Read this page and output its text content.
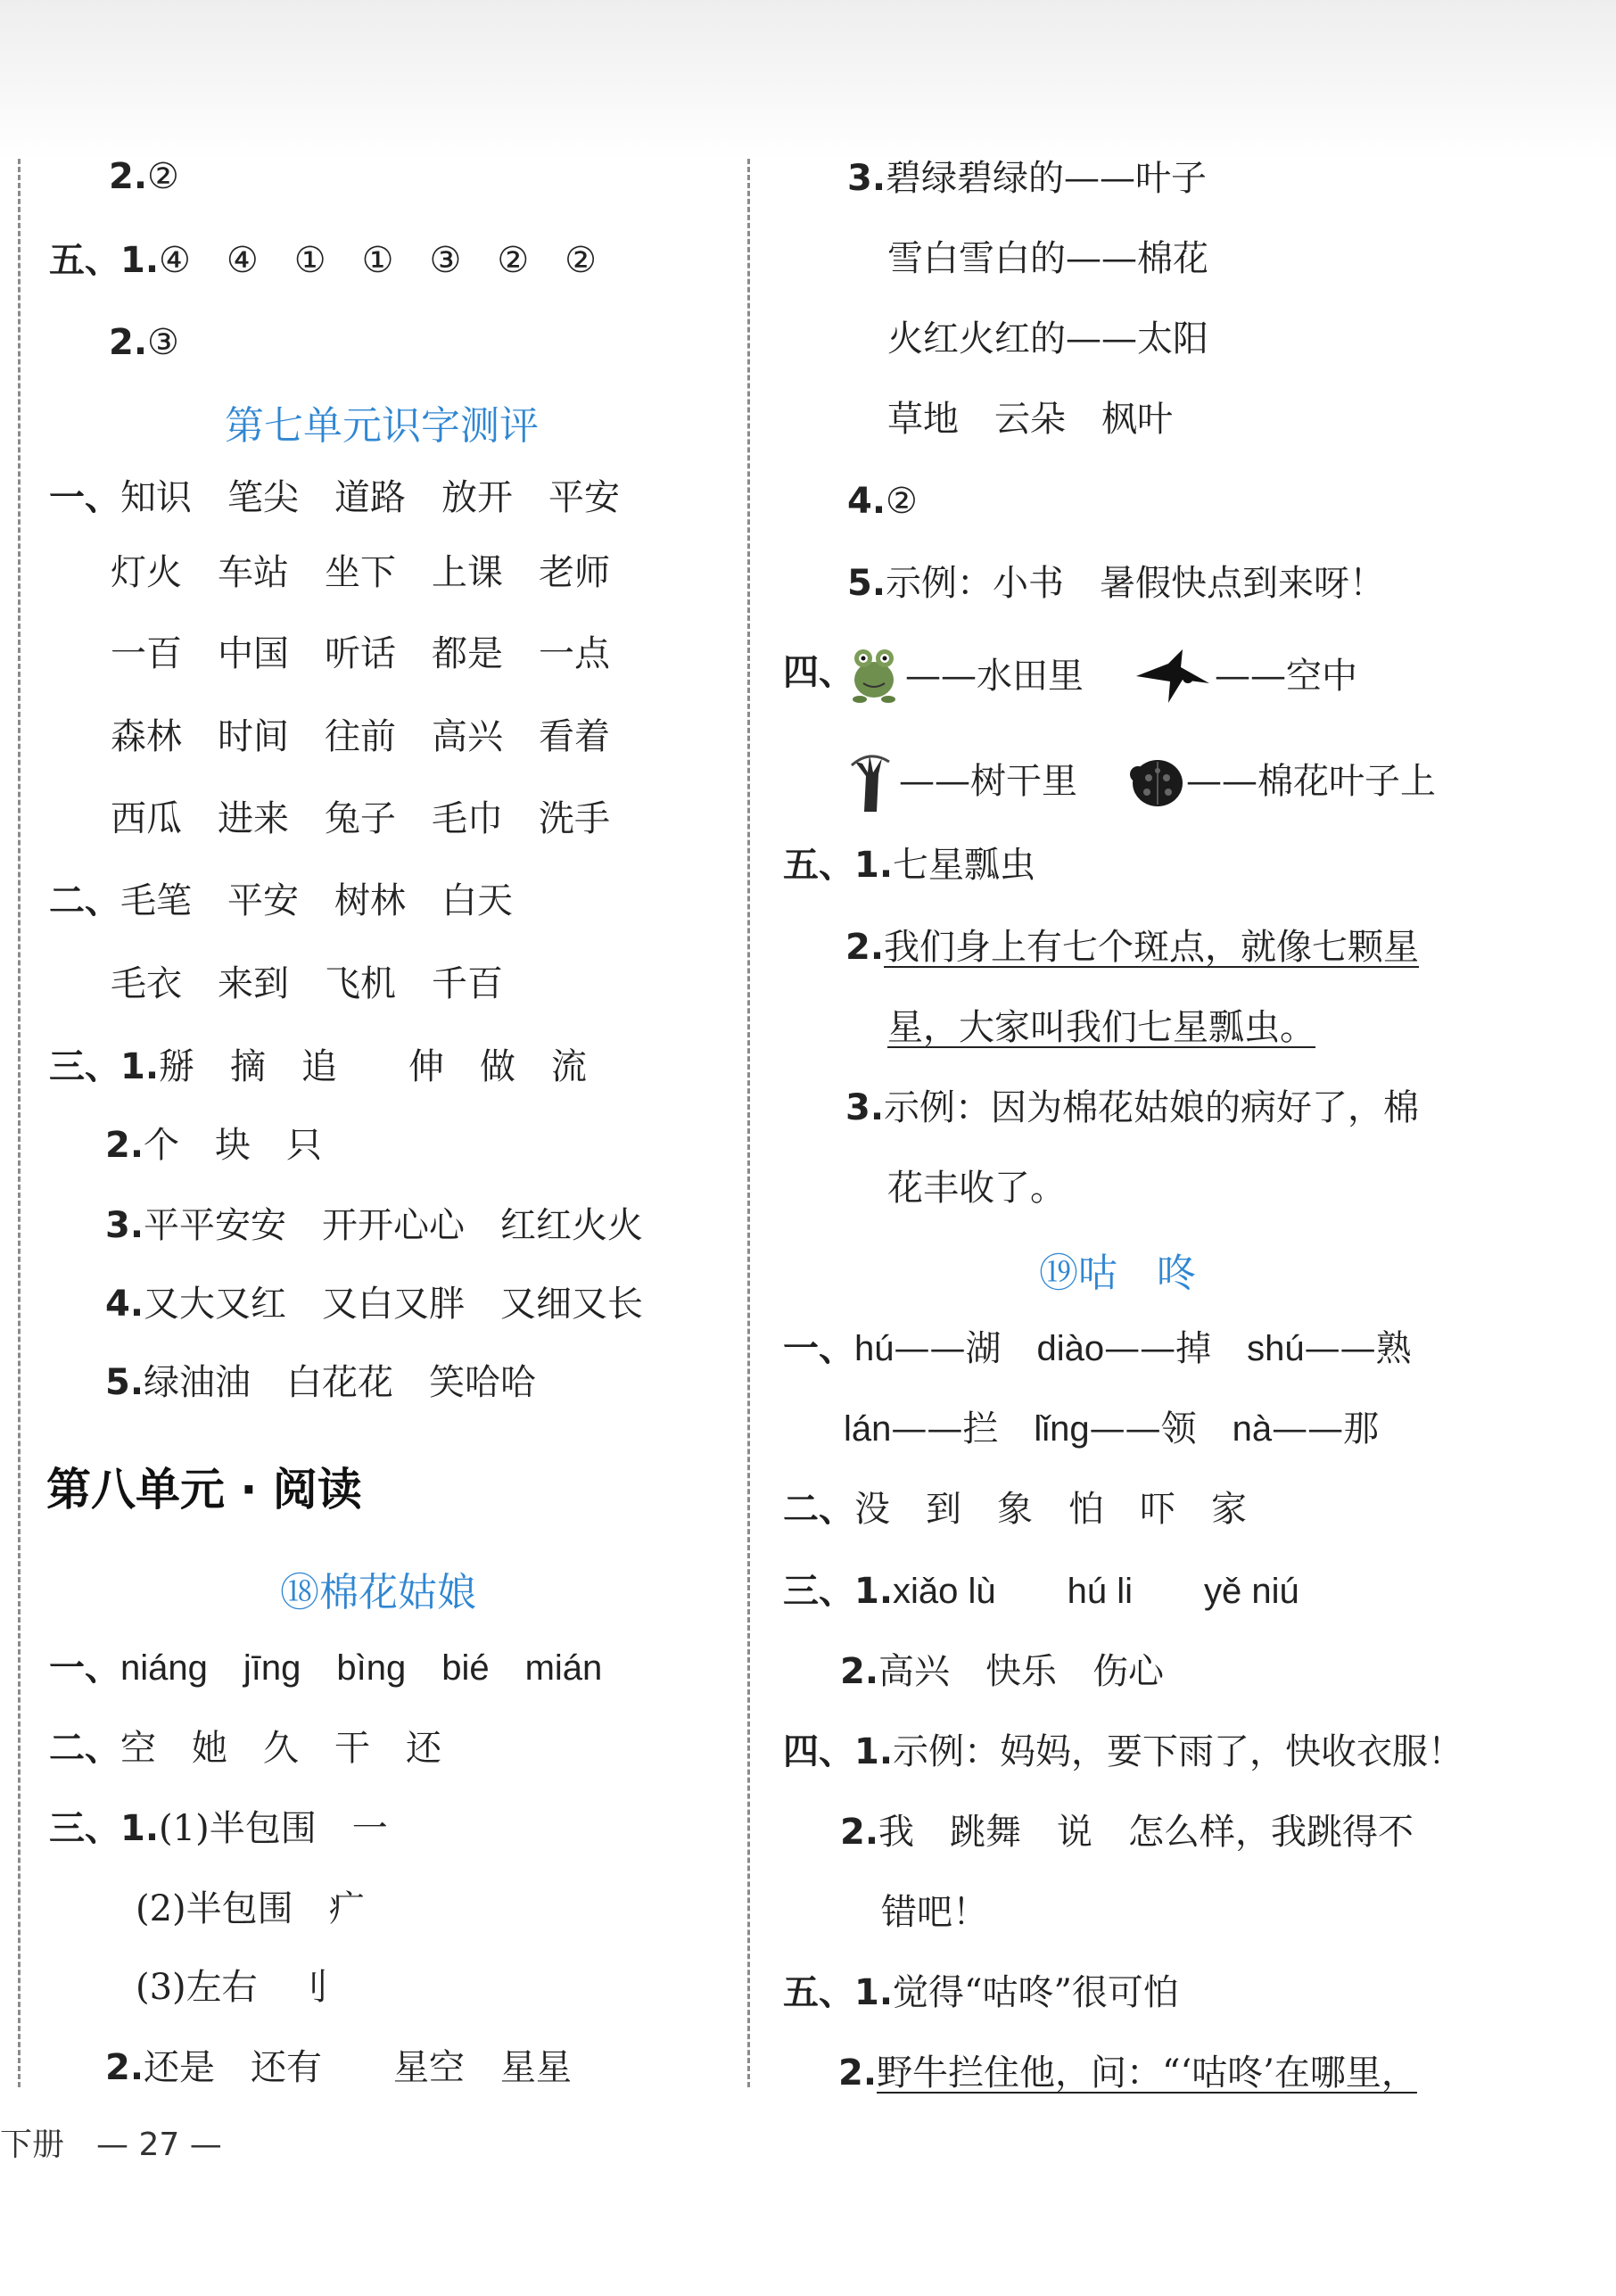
2.②
五、1.④　④　①　①　③　②　②
2.③
第七单元识字测评
一、知识　笔尖　道路　放开　平安
灯火　车站　坐下　上课　老师
一百　中国　听话　都是　一点
森林　时间　往前　高兴　看着
西瓜　进来　兔子　毛巾　洗手
二、毛笔　平安　树林　白天
毛衣　来到　飞机　千百
三、1.掰　摘　追　　伸　做　流
2.个　块　只
3.平平安安　开开心心　红红火火
4.又大又红　又白又胖　又细又长
5.绿油油　白花花　笑哈哈
第八单元 · 阅读
⑱棉花姑娘
一、niáng　jīng　bìng　bié　mián
二、空　她　久　干　还
三、1.(1)半包围　一
(2)半包围　疒
(3)左右　刂
2.还是　还有　　星空　星星
3.碧绿碧绿的——叶子
雪白雪白的——棉花
火红火红的——太阳
草地　云朵　枫叶
4.②
5.示例：小书　暑假快点到来呀！
四、 ——水田里	——空中
——树干里	——棉花叶子上
五、1.七星瓢虫
2.我们身上有七个斑点，就像七颗星
星，大家叫我们七星瓢虫。
3.示例：因为棉花姑娘的病好了，棉
花丰收了。
⑲咕　咚
一、hú——湖　 diào——掉　 shú——熟
lán——拦　 lǐng——领　 nà——那
二、没　到　象　怕　吓　家
三、1.xiǎo lù　　hú li　　yě niú
2.高兴　快乐　伤心
四、1.示例：妈妈，要下雨了，快收衣服！
2.我　跳舞　说　怎么样，我跳得不
错吧！
五、1.觉得“咕咚”很可怕
2.野牛拦住他，问：“‘咕咚’在哪里，
下册　 — 27 —
